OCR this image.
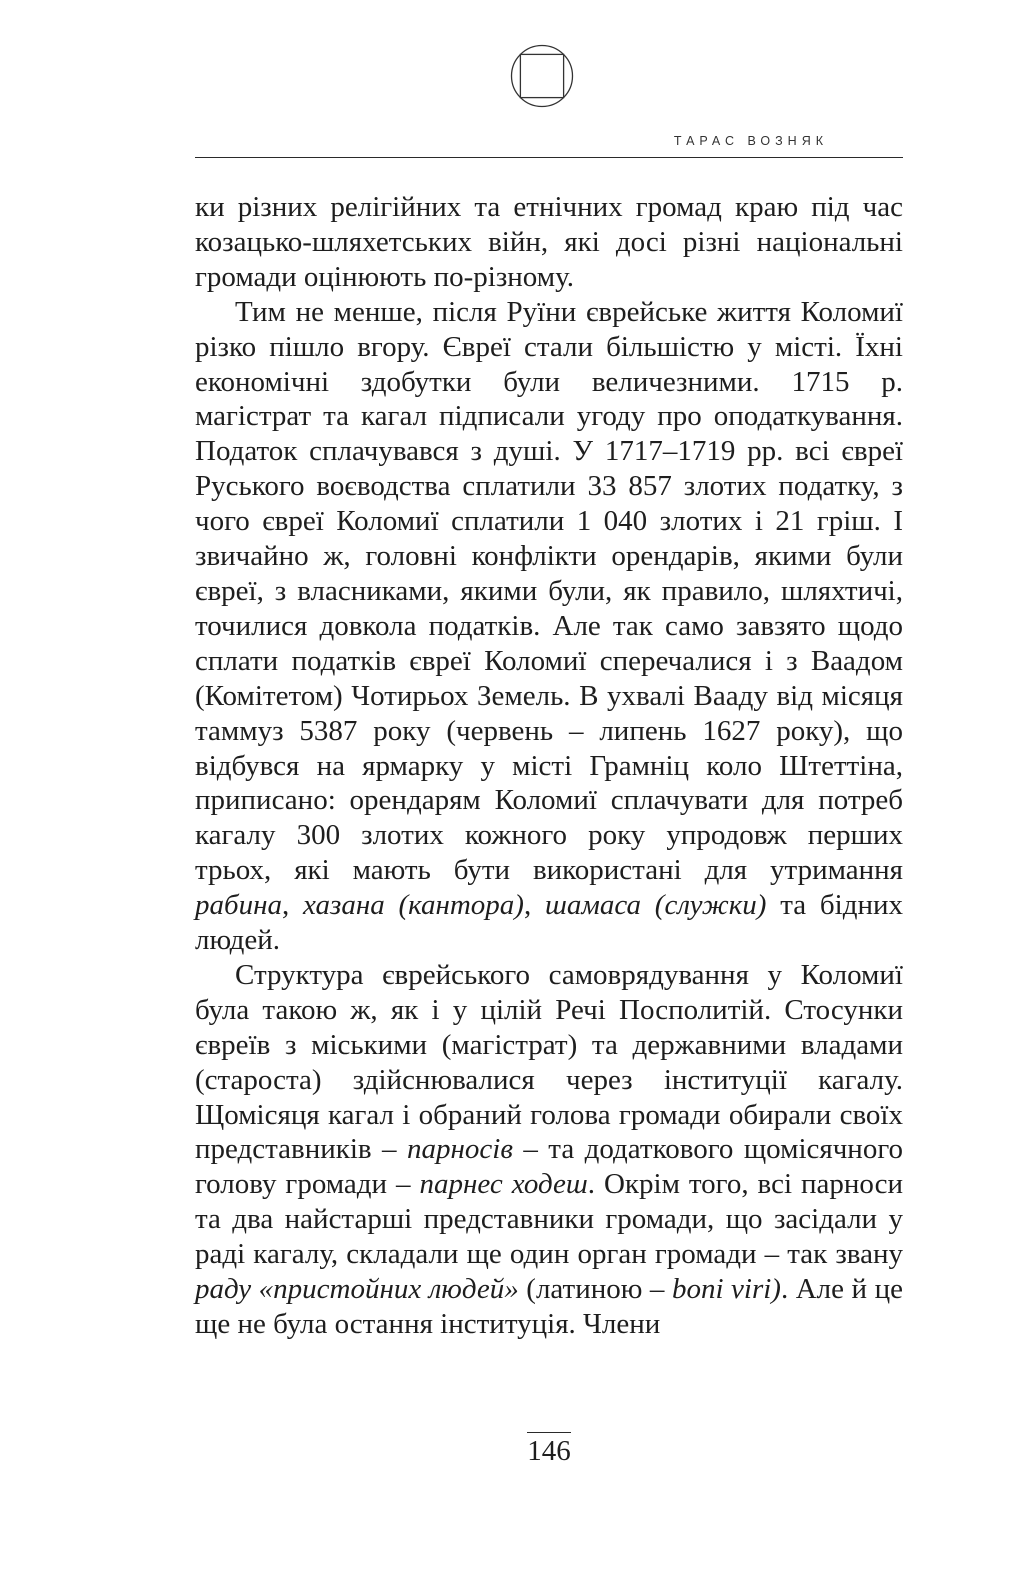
ТАРАС ВОЗНЯК

ки різних релігійних та етнічних громад краю під час козацько-шляхетських війн, які досі різні національні громади оцінюють по-різному.

Тим не менше, після Руїни єврейське життя Коломиї різко пішло вгору. Євреї стали більшістю у місті. Їхні економічні здобутки були величезними. 1715 р. магістрат та кагал підписали угоду про оподаткування. Податок сплачувався з душі. У 1717–1719 рр. всі євреї Руського воєводства сплатили 33 857 злотих податку, з чого євреї Коломиї сплатили 1 040 злотих і 21 гріш. І звичайно ж, головні конфлікти орендарів, якими були євреї, з власниками, якими були, як правило, шляхтичі, точилися довкола податків. Але так само завзято щодо сплати податків євреї Коломиї сперечалися і з Ваадом (Комітетом) Чотирьох Земель. В ухвалі Вааду від місяця таммуз 5387 року (червень – липень 1627 року), що відбувся на ярмарку у місті Грамніц коло Штеттіна, приписано: орендарям Коломиї сплачувати для потреб кагалу 300 злотих кожного року упродовж перших трьох, які мають бути використані для утримання рабина, хазана (кантора), шамаса (служки) та бідних людей.

Структура єврейського самоврядування у Коломиї була такою ж, як і у цілій Речі Посполитій. Стосунки євреїв з міськими (магістрат) та державними владами (староста) здійснювалися через інституції кагалу. Щомісяця кагал і обраний голова громади обирали своїх представників – парносів – та додаткового щомісячного голову громади – парнес ходеш. Окрім того, всі парноси та два найстарші представники громади, що засідали у раді кагалу, складали ще один орган громади – так звану раду «пристойних людей» (латиною – boni viri). Але й це ще не була остання інституція. Члени

146
